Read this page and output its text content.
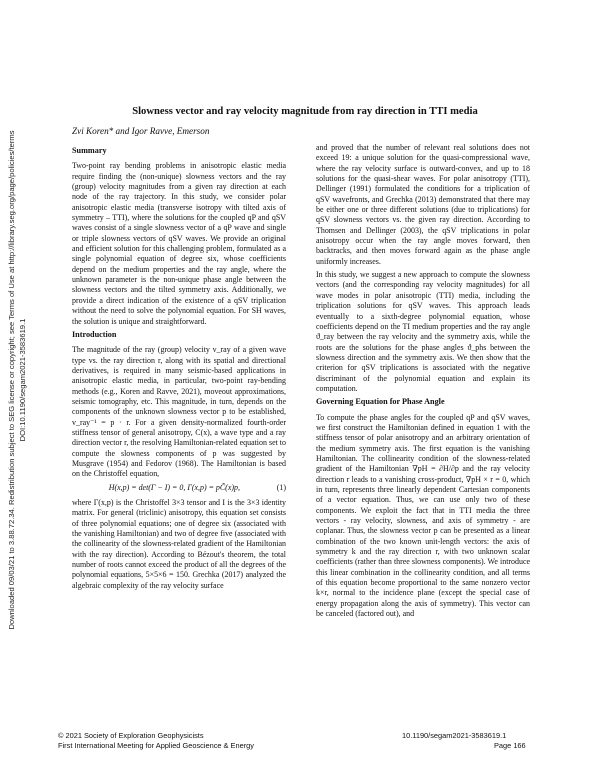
Downloaded 09/03/21 to 3.88.72.34. Redistribution subject to SEG license or copyright; see Terms of Use at http://library.seg.org/page/policies/terms DOI:10.1190/segam2021-3583619.1
Slowness vector and ray velocity magnitude from ray direction in TTI media
Zvi Koren* and Igor Ravve, Emerson
Summary

Two-point ray bending problems in anisotropic elastic media require finding the (non-unique) slowness vectors and the ray (group) velocity magnitudes from a given ray direction at each node of the ray trajectory. In this study, we consider polar anisotropic elastic media (transverse isotropy with tilted axis of symmetry – TTI), where the solutions for the coupled qP and qSV waves consist of a single slowness vector of a qP wave and single or triple slowness vectors of qSV waves. We provide an original and efficient solution for this challenging problem, formulated as a single polynomial equation of degree six, whose coefficients depend on the medium properties and the ray angle, where the unknown parameter is the non-unique phase angle between the slowness vectors and the tilted symmetry axis. Additionally, we provide a direct indication of the existence of a qSV triplication without the need to solve the polynomial equation. For SH waves, the solution is unique and straightforward.

Introduction

The magnitude of the ray (group) velocity v_ray of a given wave type vs. the ray direction r, along with its spatial and directional derivatives, is required in many seismic-based applications in anisotropic elastic media, in particular, two-point ray-bending methods (e.g., Koren and Ravve, 2021), moveout approximations, seismic tomography, etc. This magnitude, in turn, depends on the components of the unknown slowness vector p to be established, v_ray⁻¹ = p · r. For a given density-normalized fourth-order stiffness tensor of general anisotropy, C(x), a wave type and a ray direction vector r, the resolving Hamiltonian-related equation set to compute the slowness components of p was suggested by Musgrave (1954) and Fedorov (1968). The Hamiltonian is based on the Christoffel equation,

(1)
H(x,p) = det(Γ − I) = 0, Γ(x,p) = pC̃(x)p,

where Γ(x,p) is the Christoffel 3×3 tensor and I is the 3×3 identity matrix. For general (triclinic) anisotropy, this equation set consists of three polynomial equations; one of degree six (associated with the vanishing Hamiltonian) and two of degree five (associated with the collinearity of the slowness-related gradient of the Hamiltonian with the ray direction). According to Bézout's theorem, the total number of roots cannot exceed the product of all the degrees of the polynomial equations, 5×5×6 = 150. Grechka (2017) analyzed the algebraic complexity of the ray velocity surface

and proved that the number of relevant real solutions does not exceed 19: a unique solution for the quasi-compressional wave, where the ray velocity surface is outward-convex, and up to 18 solutions for the quasi-shear waves. For polar anisotropy (TTI), Dellinger (1991) formulated the conditions for a triplication of qSV wavefronts, and Grechka (2013) demonstrated that there may be either one or three different solutions (due to triplications) for qSV slowness vectors vs. the given ray direction. According to Thomsen and Dellinger (2003), the qSV triplications in polar anisotropy occur when the ray angle moves forward, then backtracks, and then moves forward again as the phase angle uniformly increases.

In this study, we suggest a new approach to compute the slowness vectors (and the corresponding ray velocity magnitudes) for all wave modes in polar anisotropic (TTI) media, including the triplication solutions for qSV waves. This approach leads eventually to a sixth-degree polynomial equation, whose coefficients depend on the TI medium properties and the ray angle ϑ_ray between the ray velocity and the symmetry axis, while the roots are the solutions for the phase angles ϑ_phs between the slowness direction and the symmetry axis. We then show that the criterion for qSV triplications is associated with the negative discriminant of the polynomial equation and explain its computation.

Governing Equation for Phase Angle

To compute the phase angles for the coupled qP and qSV waves, we first construct the Hamiltonian defined in equation 1 with the stiffness tensor of polar anisotropy and an arbitrary orientation of the medium symmetry axis. The first equation is the vanishing Hamiltonian. The collinearity condition of the slowness-related gradient of the Hamiltonian ∇pH = ∂H/∂p and the ray velocity direction r leads to a vanishing cross-product, ∇pH × r = 0, which in turn, represents three linearly dependent Cartesian components of a vector equation. Thus, we can use only two of these components. We exploit the fact that in TTI media the three vectors - ray velocity, slowness, and axis of symmetry - are coplanar. Thus, the slowness vector p can be presented as a linear combination of the two known unit-length vectors: the axis of symmetry k and the ray direction r, with two unknown scalar coefficients (rather than three slowness components). We introduce this linear combination in the collinearity condition, and all terms of this equation become proportional to the same nonzero vector k×r, normal to the incidence plane (except the special case of energy propagation along the axis of symmetry). This vector can be canceled (factored out), and

© 2021 Society of Exploration Geophysicists
First International Meeting for Applied Geoscience & Energy
10.1190/segam2021-3583619.1
Page 166
